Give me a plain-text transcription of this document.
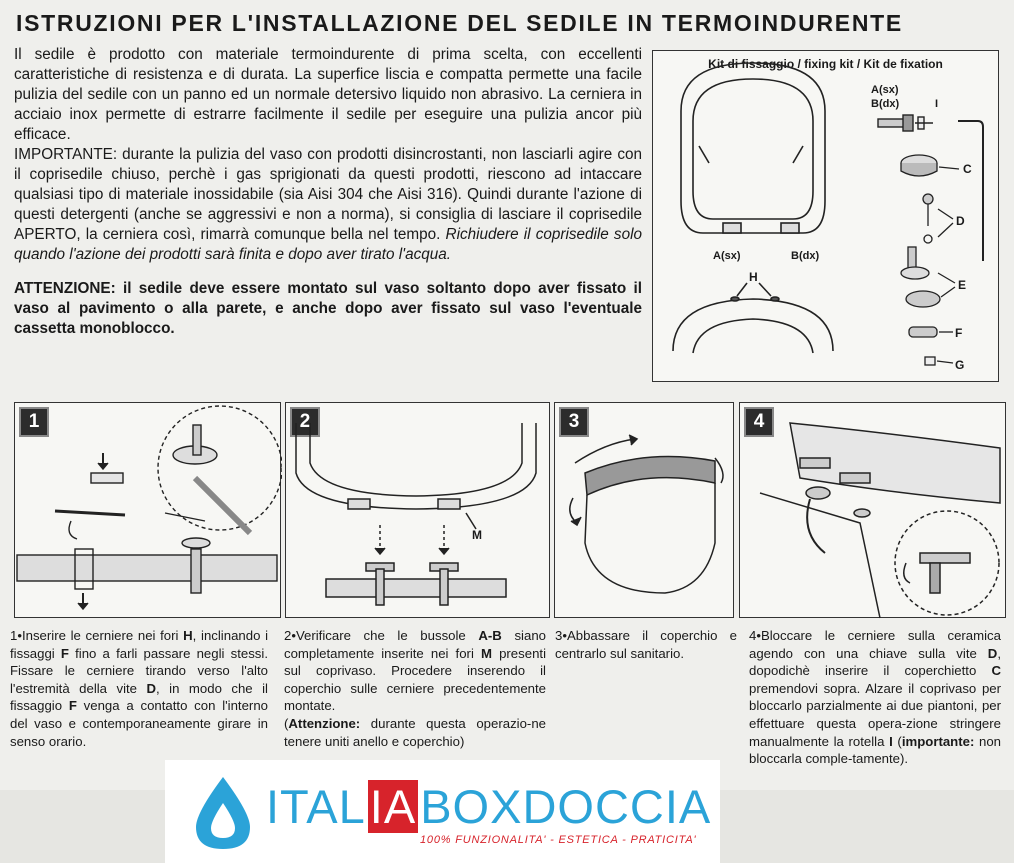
ISTRUZIONI PER L'INSTALLAZIONE DEL SEDILE IN TERMOINDURENTE

Il sedile è prodotto con materiale termoindurente di prima scelta, con eccellenti caratteristiche di resistenza e di durata. La superfice liscia e compatta permette una facile pulizia del sedile con un panno ed un normale detersivo liquido non abrasivo. La cerniera in acciaio inox permette di estrarre facilmente il sedile per eseguire una pulizia ancor più efficace.

IMPORTANTE: durante la pulizia del vaso con prodotti disincrostanti, non lasciarli agire con il coprisedile chiuso, perchè i gas sprigionati da questi prodotti, riescono ad intaccare qualsiasi tipo di materiale inossidabile (sia Aisi 304 che Aisi 316). Quindi durante l'azione di questi detergenti (anche se aggressivi e non a norma), si consiglia di lasciare il coprisedile APERTO, la cerniera così, rimarrà comunque bella nel tempo. Richiudere il coprisedile solo quando l'azione dei prodotti sarà finita e dopo aver tirato l'acqua.

ATTENZIONE: il sedile deve essere montato sul vaso soltanto dopo aver fissato il vaso al pavimento o alla parete, e anche dopo aver fissato sul vaso l'eventuale cassetta monoblocco.

Kit di fissaggio / fixing kit / Kit de fixation
A(sx)	B(dx)
H
A(sx)
B(dx)	I
C
D
E
F
G
1	2
M
3	4

1•Inserire le cerniere nei fori H, inclinando i fissaggi F fino a farli passare negli stessi. Fissare le cerniere tirando verso l'alto l'estremità della vite D, in modo che il fissaggio F venga a contatto con l'interno del vaso e contemporaneamente girare in senso orario.

2•Verificare che le bussole A-B siano completamente inserite nei fori M presenti sul coprivaso. Procedere inserendo il coperchio sulle cerniere precedentemente montate.
(Attenzione: durante questa operazio-ne tenere uniti anello e coperchio)

3•Abbassare il coperchio e centrarlo sul sanitario.

4•Bloccare le cerniere sulla ceramica agendo con una chiave sulla vite D, dopodichè inserire il coperchietto C premendovi sopra. Alzare il coprivaso per bloccarlo parzialmente ai due piantoni, per effettuare questa opera-zione stringere manualmente la rotella I (importante: non bloccarla comple-tamente).

ITALIABOXDOCCIA
100% FUNZIONALITA' - ESTETICA - PRATICITA'
